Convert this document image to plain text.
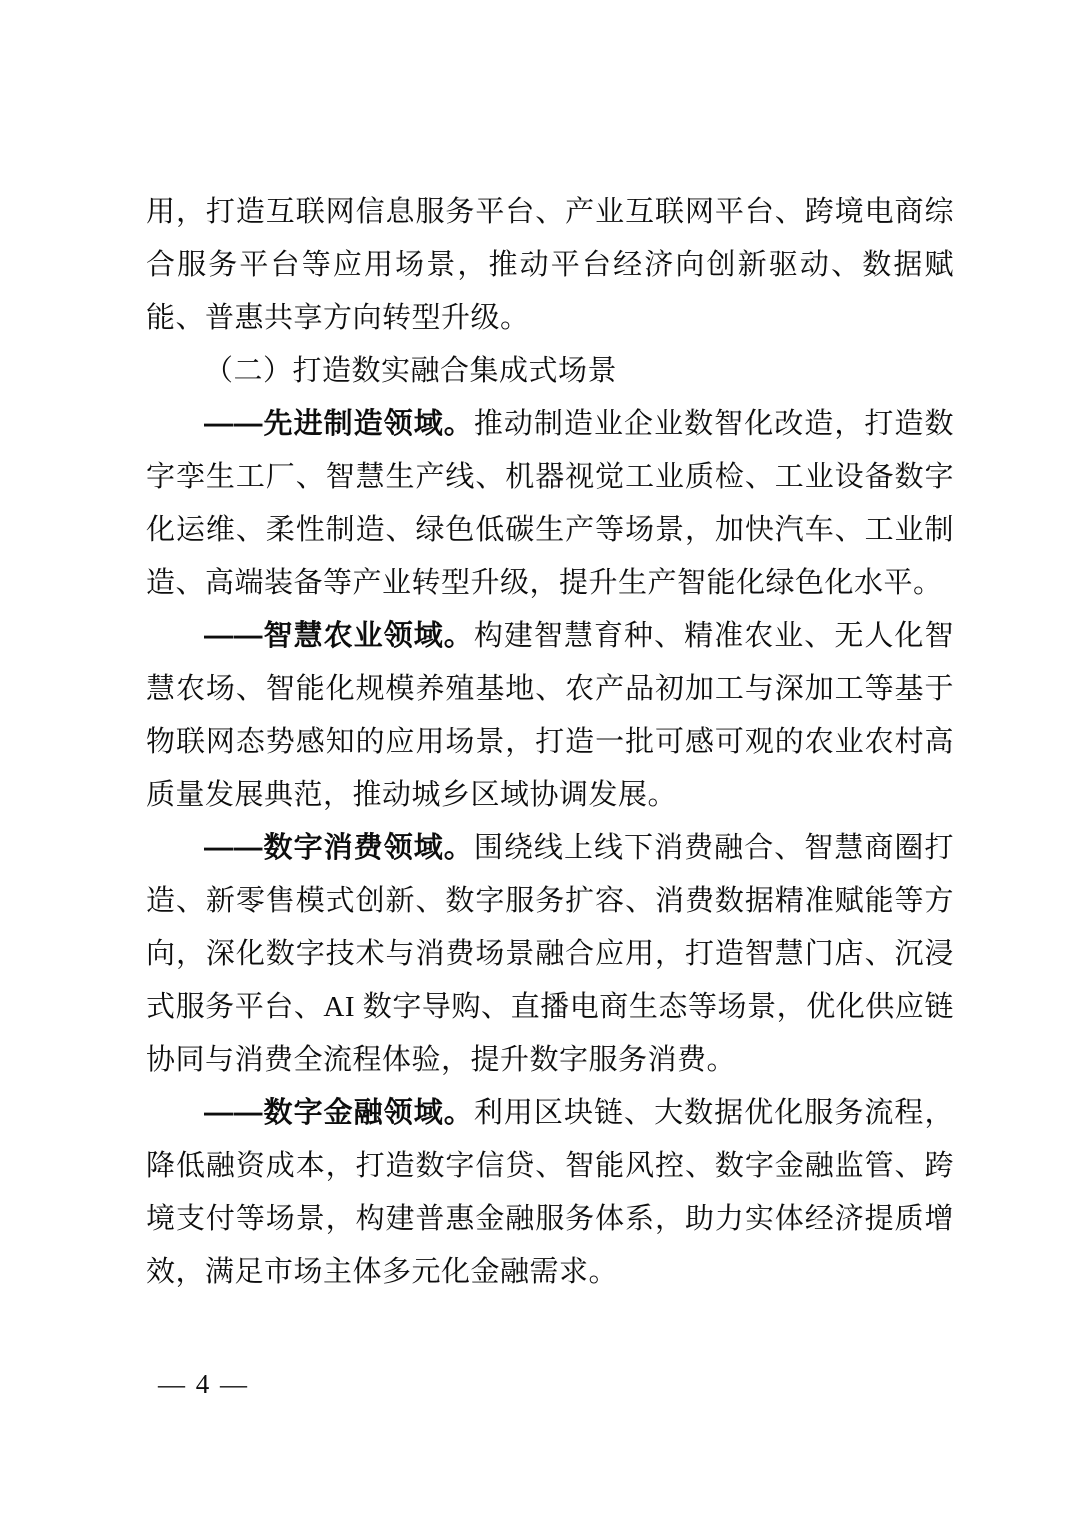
用，打造互联网信息服务平台、产业互联网平台、跨境电商综合服务平台等应用场景，推动平台经济向创新驱动、数据赋能、普惠共享方向转型升级。

（二）打造数实融合集成式场景

——先进制造领域。推动制造业企业数智化改造，打造数字孪生工厂、智慧生产线、机器视觉工业质检、工业设备数字化运维、柔性制造、绿色低碳生产等场景，加快汽车、工业制造、高端装备等产业转型升级，提升生产智能化绿色化水平。

——智慧农业领域。构建智慧育种、精准农业、无人化智慧农场、智能化规模养殖基地、农产品初加工与深加工等基于物联网态势感知的应用场景，打造一批可感可观的农业农村高质量发展典范，推动城乡区域协调发展。

——数字消费领域。围绕线上线下消费融合、智慧商圈打造、新零售模式创新、数字服务扩容、消费数据精准赋能等方向，深化数字技术与消费场景融合应用，打造智慧门店、沉浸式服务平台、AI 数字导购、直播电商生态等场景，优化供应链协同与消费全流程体验，提升数字服务消费。

——数字金融领域。利用区块链、大数据优化服务流程，降低融资成本，打造数字信贷、智能风控、数字金融监管、跨境支付等场景，构建普惠金融服务体系，助力实体经济提质增效，满足市场主体多元化金融需求。

— 4 —
